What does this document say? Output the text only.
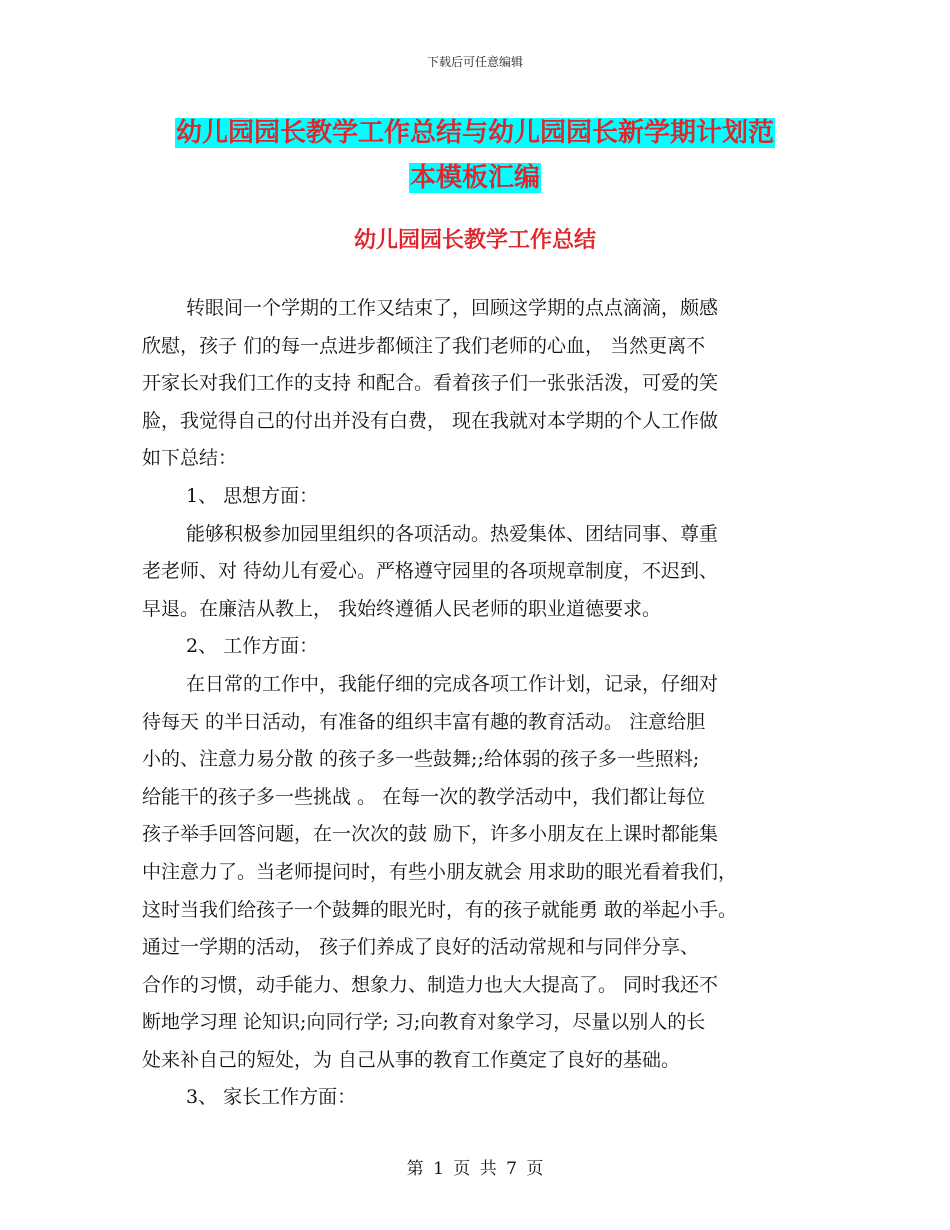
下载后可任意编辑
幼儿园园长教学工作总结与幼儿园园长新学期计划范
本模板汇编
幼儿园园长教学工作总结
转眼间一个学期的工作又结束了，回顾这学期的点点滴滴，颇感
欣慰，孩子 们的每一点进步都倾注了我们老师的心血， 当然更离不
开家长对我们工作的支持 和配合。看着孩子们一张张活泼，可爱的笑
脸，我觉得自己的付出并没有白费， 现在我就对本学期的个人工作做
如下总结：
1、 思想方面：
能够积极参加园里组织的各项活动。热爱集体、团结同事、尊重
老老师、对 待幼儿有爱心。严格遵守园里的各项规章制度，不迟到、
早退。在廉洁从教上， 我始终遵循人民老师的职业道德要求。
2、 工作方面：
在日常的工作中，我能仔细的完成各项工作计划，记录，仔细对
待每天 的半日活动，有准备的组织丰富有趣的教育活动。 注意给胆
小的、注意力易分散 的孩子多一些鼓舞;;给体弱的孩子多一些照料;
给能干的孩子多一些挑战 。 在每一次的教学活动中，我们都让每位
孩子举手回答问题，在一次次的鼓 励下，许多小朋友在上课时都能集
中注意力了。当老师提问时，有些小朋友就会 用求助的眼光看着我们，
这时当我们给孩子一个鼓舞的眼光时，有的孩子就能勇 敢的举起小手。
通过一学期的活动， 孩子们养成了良好的活动常规和与同伴分享、
合作的习惯，动手能力、想象力、制造力也大大提高了。 同时我还不
断地学习理 论知识;向同行学; 习;向教育对象学习，尽量以别人的长
处来补自己的短处，为 自己从事的教育工作奠定了良好的基础。
3、 家长工作方面：
第 1 页 共 7 页
